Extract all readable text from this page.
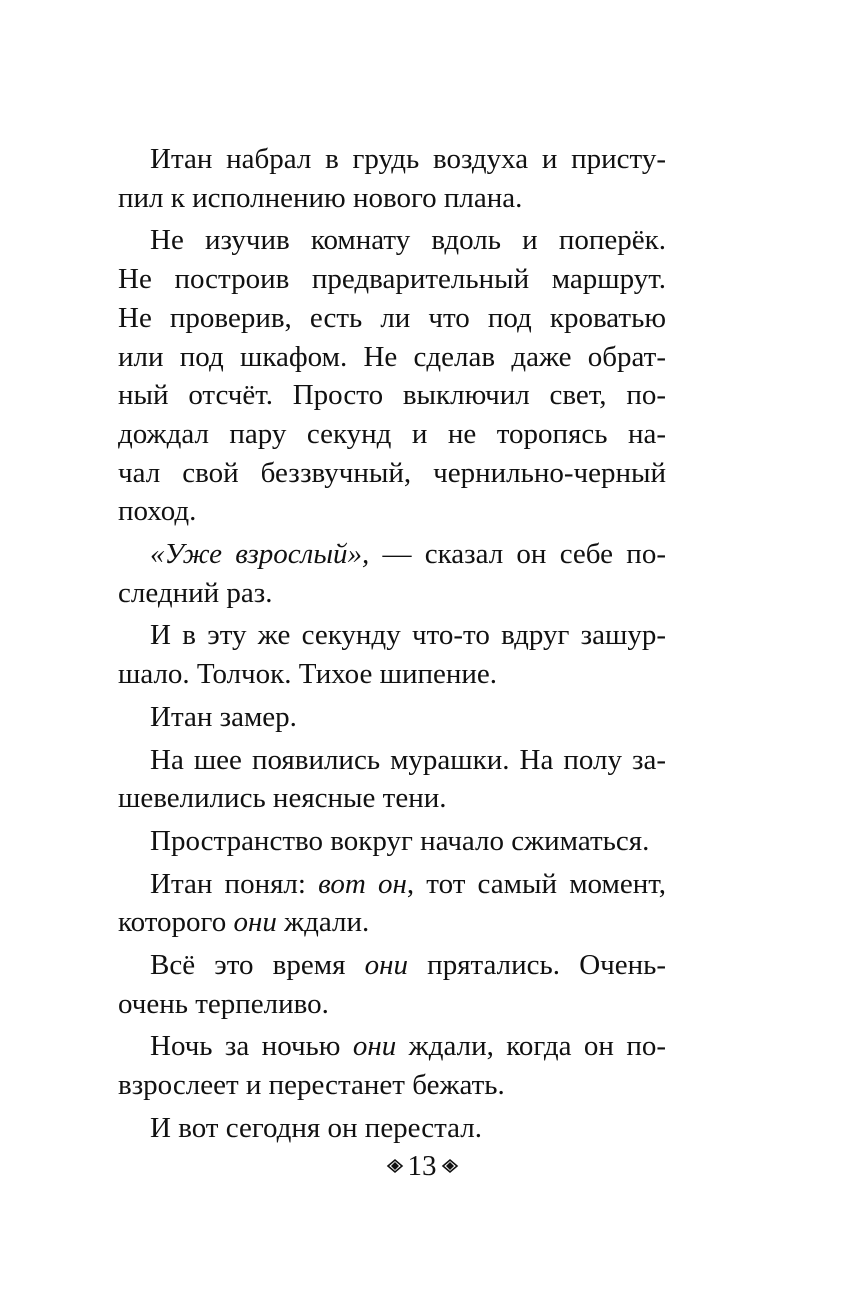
Итан набрал в грудь воздуха и присту-
пил к исполнению нового плана.
Не изучив комнату вдоль и поперёк.
Не построив предварительный маршрут.
Не проверив, есть ли что под кроватью
или под шкафом. Не сделав даже обрат-
ный отсчёт. Просто выключил свет, по-
дождал пару секунд и не торопясь на-
чал свой беззвучный, чернильно-черный
поход.
«Уже взрослый», — сказал он себе по-
следний раз.
И в эту же секунду что-то вдруг зашур-
шало. Толчок. Тихое шипение.
Итан замер.
На шее появились мурашки. На полу за-
шевелились неясные тени.
Пространство вокруг начало сжиматься.
Итан понял: вот он, тот самый момент,
которого они ждали.
Всё это время они прятались. Очень-
очень терпеливо.
Ночь за ночью они ждали, когда он по-
взрослеет и перестанет бежать.
И вот сегодня он перестал.
13
